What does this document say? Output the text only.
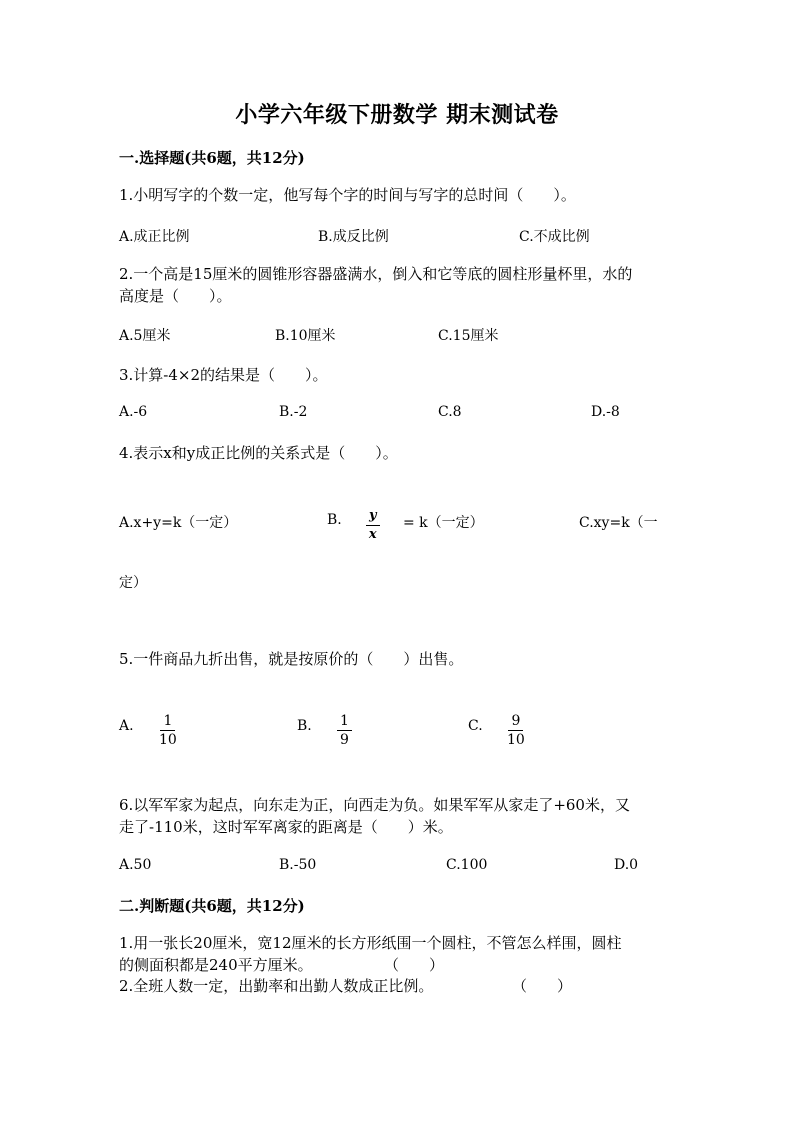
小学六年级下册数学 期末测试卷
一.选择题(共6题，共12分)
1.小明写字的个数一定，他写每个字的时间与写字的总时间（　　）。
A.成正比例	B.成反比例	C.不成比例
2.一个高是15厘米的圆锥形容器盛满水，倒入和它等底的圆柱形量杯里，水的
高度是（　　）。
A.5厘米	B.10厘米	C.15厘米
3.计算-4×2的结果是（　　）。
A.-6	B.-2	C.8	D.-8
4.表示x和y成正比例的关系式是（　　）。
A.x+y=k（一定）	B. $\frac{y}{x} = k$（一定）	C.xy=k（一
定）
5.一件商品九折出售，就是按原价的（　　）出售。
A. $\frac{1}{10}$	B. $\frac{1}{9}$	C. $\frac{9}{10}$
6.以军军家为起点，向东走为正，向西走为负。如果军军从家走了+60米，又
走了-110米，这时军军离家的距离是（　　）米。
A.50	B.-50	C.100	D.0
二.判断题(共6题，共12分)
1.用一张长20厘米，宽12厘米的长方形纸围一个圆柱，不管怎么样围，圆柱
的侧面积都是240平方厘米。	（　　）
2.全班人数一定，出勤率和出勤人数成正比例。	（　　）
